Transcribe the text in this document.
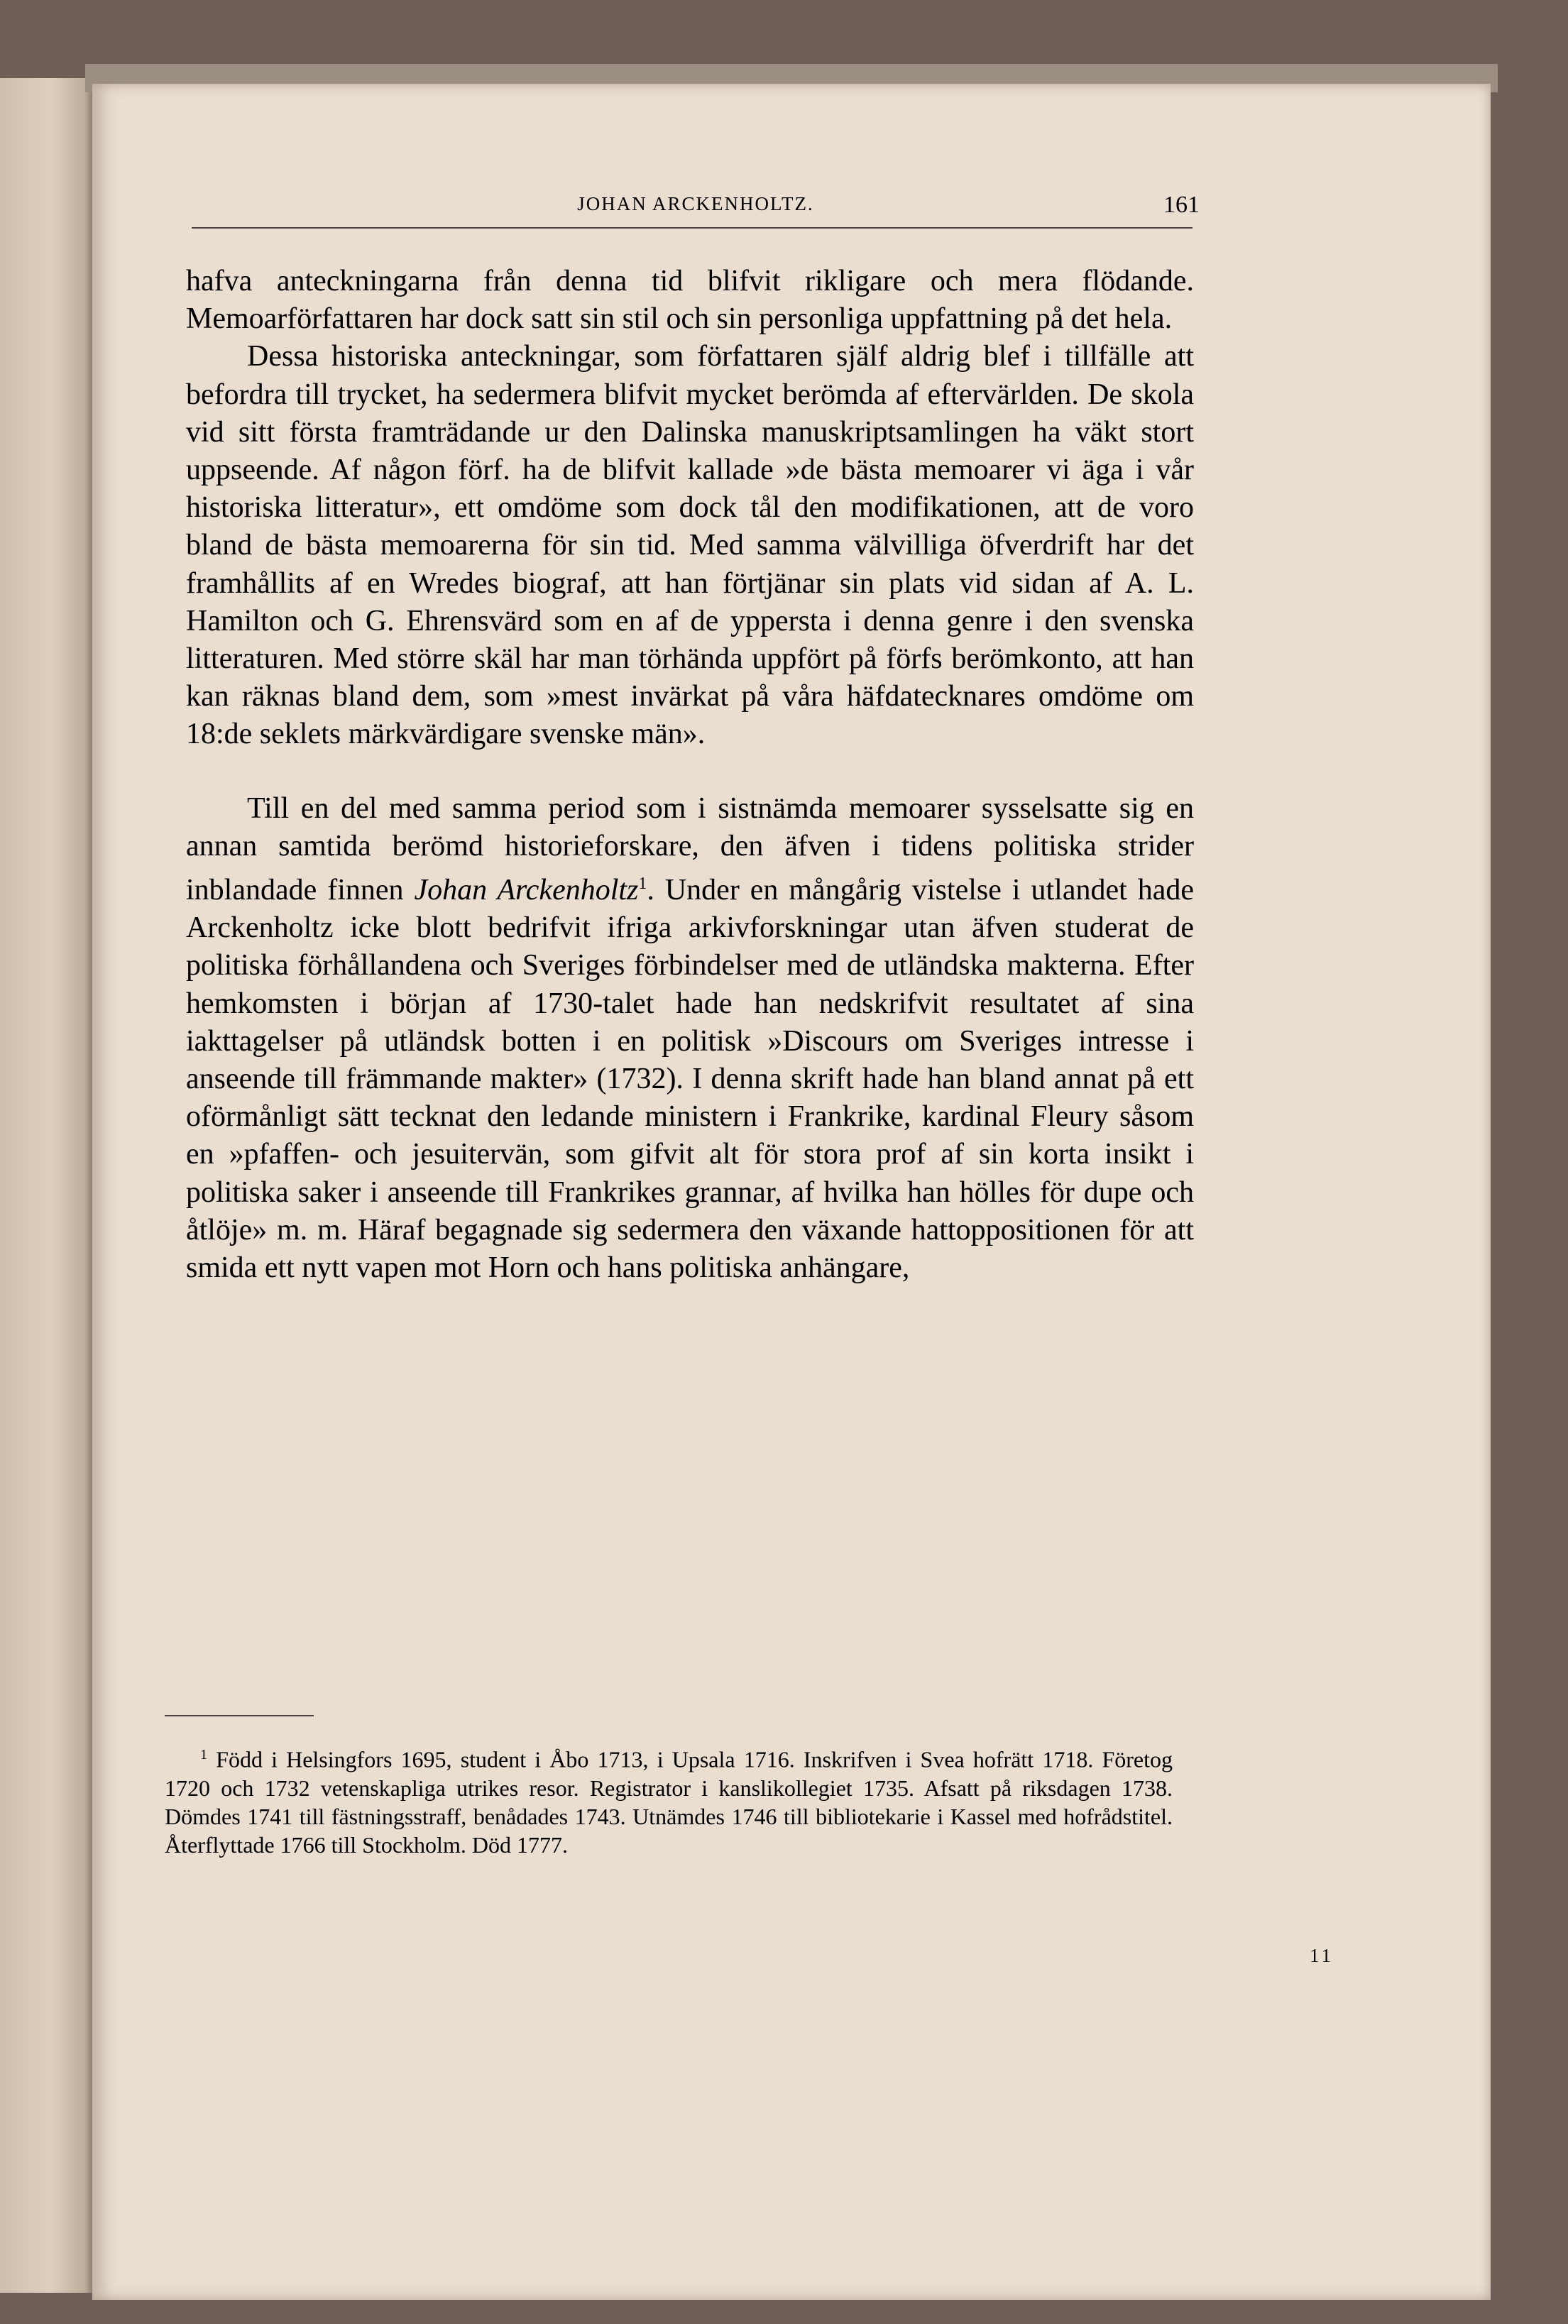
JOHAN ARCKENHOLTZ.	161

hafva anteckningarna från denna tid blifvit rikligare och mera flödande. Memoarförfattaren har dock satt sin stil och sin personliga uppfattning på det hela.

Dessa historiska anteckningar, som författaren själf aldrig blef i tillfälle att befordra till trycket, ha sedermera blifvit mycket berömda af eftervärlden. De skola vid sitt första framträdande ur den Dalinska manuskriptsamlingen ha väkt stort uppseende. Af någon förf. ha de blifvit kallade »de bästa memoarer vi äga i vår historiska litteratur», ett omdöme som dock tål den modifikationen, att de voro bland de bästa memoarerna för sin tid. Med samma välvilliga öfverdrift har det framhållits af en Wredes biograf, att han förtjänar sin plats vid sidan af A. L. Hamilton och G. Ehrensvärd som en af de yppersta i denna genre i den svenska litteraturen. Med större skäl har man törhända uppfört på förfs berömkonto, att han kan räknas bland dem, som »mest invärkat på våra häfdatecknares omdöme om 18:de seklets märkvärdigare svenske män».

Till en del med samma period som i sistnämda memoarer sysselsatte sig en annan samtida berömd historieforskare, den äfven i tidens politiska strider inblandade finnen Johan Arckenholtz$^1$. Under en mångårig vistelse i utlandet hade Arckenholtz icke blott bedrifvit ifriga arkivforskningar utan äfven studerat de politiska förhållandena och Sveriges förbindelser med de utländska makterna. Efter hemkomsten i början af 1730-talet hade han nedskrifvit resultatet af sina iakttagelser på utländsk botten i en politisk »Discours om Sveriges intresse i anseende till främmande makter» (1732). I denna skrift hade han bland annat på ett oförmånligt sätt tecknat den ledande ministern i Frankrike, kardinal Fleury såsom en »pfaffen- och jesuitervän, som gifvit alt för stora prof af sin korta insikt i politiska saker i anseende till Frankrikes grannar, af hvilka han hölles för dupe och åtlöje» m. m. Häraf begagnade sig sedermera den växande hattoppositionen för att smida ett nytt vapen mot Horn och hans politiska anhängare,

$^1$ Född i Helsingfors 1695, student i Åbo 1713, i Upsala 1716. Inskrifven i Svea hofrätt 1718. Företog 1720 och 1732 vetenskapliga utrikes resor. Registrator i kanslikollegiet 1735. Afsatt på riksdagen 1738. Dömdes 1741 till fästningsstraff, benådades 1743. Utnämdes 1746 till bibliotekarie i Kassel med hofrådstitel. Återflyttade 1766 till Stockholm. Död 1777.
11
